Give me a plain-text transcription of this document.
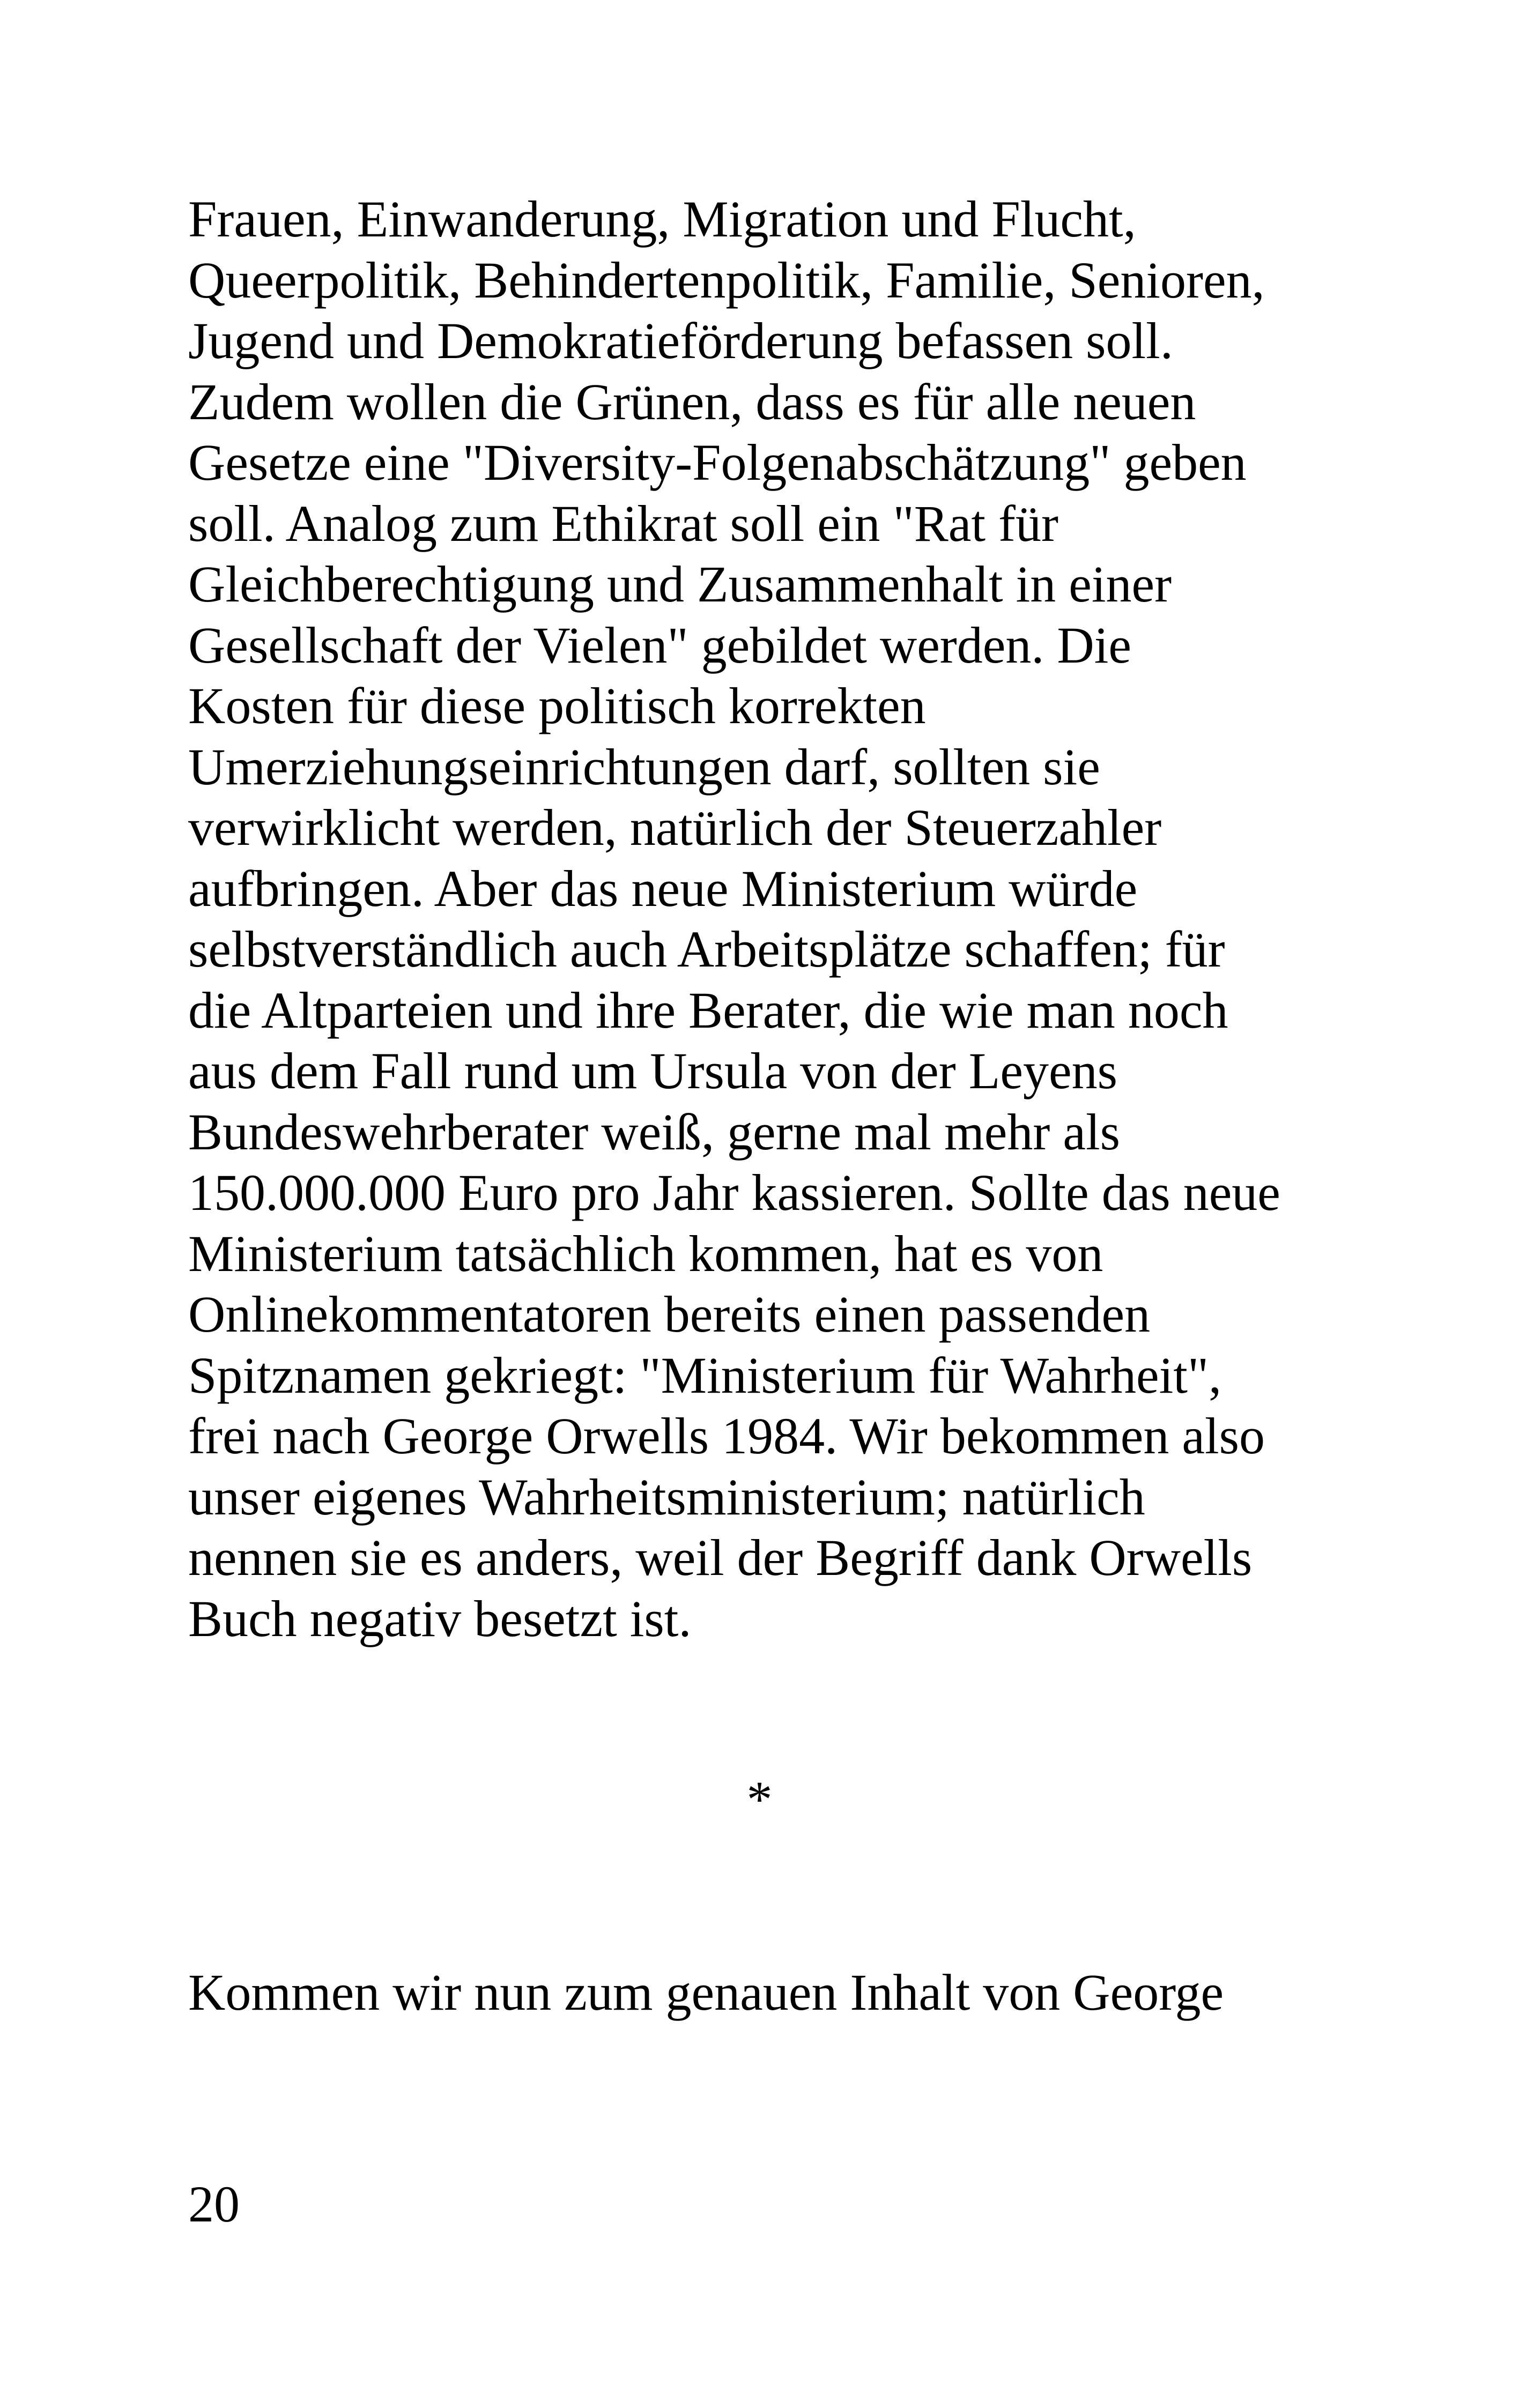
Frauen, Einwanderung, Migration und Flucht,
Queerpolitik, Behindertenpolitik, Familie, Senioren,
Jugend und Demokratieförderung befassen soll.
Zudem wollen die Grünen, dass es für alle neuen
Gesetze eine "Diversity-Folgenabschätzung" geben
soll. Analog zum Ethikrat soll ein "Rat für
Gleichberechtigung und Zusammenhalt in einer
Gesellschaft der Vielen" gebildet werden. Die
Kosten für diese politisch korrekten
Umerziehungseinrichtungen darf, sollten sie
verwirklicht werden, natürlich der Steuerzahler
aufbringen. Aber das neue Ministerium würde
selbstverständlich auch Arbeitsplätze schaffen; für
die Altparteien und ihre Berater, die wie man noch
aus dem Fall rund um Ursula von der Leyens
Bundeswehrberater weiß, gerne mal mehr als
150.000.000 Euro pro Jahr kassieren. Sollte das neue
Ministerium tatsächlich kommen, hat es von
Onlinekommentatoren bereits einen passenden
Spitznamen gekriegt: "Ministerium für Wahrheit",
frei nach George Orwells 1984. Wir bekommen also
unser eigenes Wahrheitsministerium; natürlich
nennen sie es anders, weil der Begriff dank Orwells
Buch negativ besetzt ist.

*

Kommen wir nun zum genauen Inhalt von George

20
